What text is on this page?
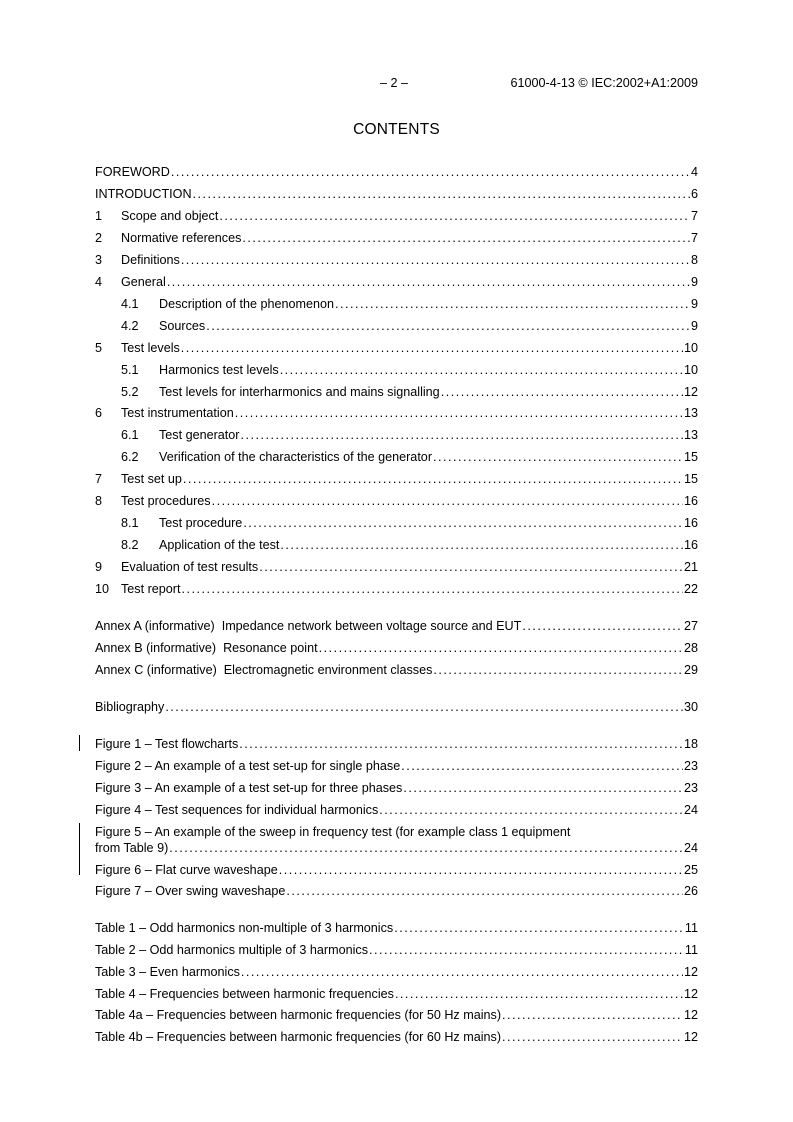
– 2 –	61000-4-13 © IEC:2002+A1:2009
CONTENTS
FOREWORD .....	4
INTRODUCTION .....	6
1	Scope and object .....	7
2	Normative references .....	7
3	Definitions .....	8
4	General .....	9
4.1	Description of the phenomenon .....	9
4.2	Sources .....	9
5	Test levels .....	10
5.1	Harmonics test levels .....	10
5.2	Test levels for interharmonics and mains signalling .....	12
6	Test instrumentation .....	13
6.1	Test generator .....	13
6.2	Verification of the characteristics of the generator .....	15
7	Test set up .....	15
8	Test procedures .....	16
8.1	Test procedure .....	16
8.2	Application of the test .....	16
9	Evaluation of test results .....	21
10 Test report .....	22
Annex A (informative)  Impedance network between voltage source and EUT .....	27
Annex B (informative)  Resonance point .....	28
Annex C (informative)  Electromagnetic environment classes .....	29
Bibliography .....	30
Figure 1 – Test flowcharts .....	18
Figure 2 – An example of a test set-up for single phase .....	23
Figure 3 – An example of a test set-up for three phases .....	23
Figure 4 – Test sequences for individual harmonics .....	24
Figure 5 – An example of the sweep in frequency test (for example class 1 equipment
from Table 9) .....	24
Figure 6 – Flat curve waveshape .....	25
Figure 7 – Over swing waveshape .....	26
Table 1 – Odd harmonics non-multiple of 3 harmonics .....	11
Table 2 – Odd harmonics multiple of 3 harmonics .....	11
Table 3 – Even harmonics .....	12
Table 4 – Frequencies between harmonic frequencies .....	12
Table 4a – Frequencies between harmonic frequencies (for 50 Hz mains) .....	12
Table 4b – Frequencies between harmonic frequencies (for 60 Hz mains) .....	12
